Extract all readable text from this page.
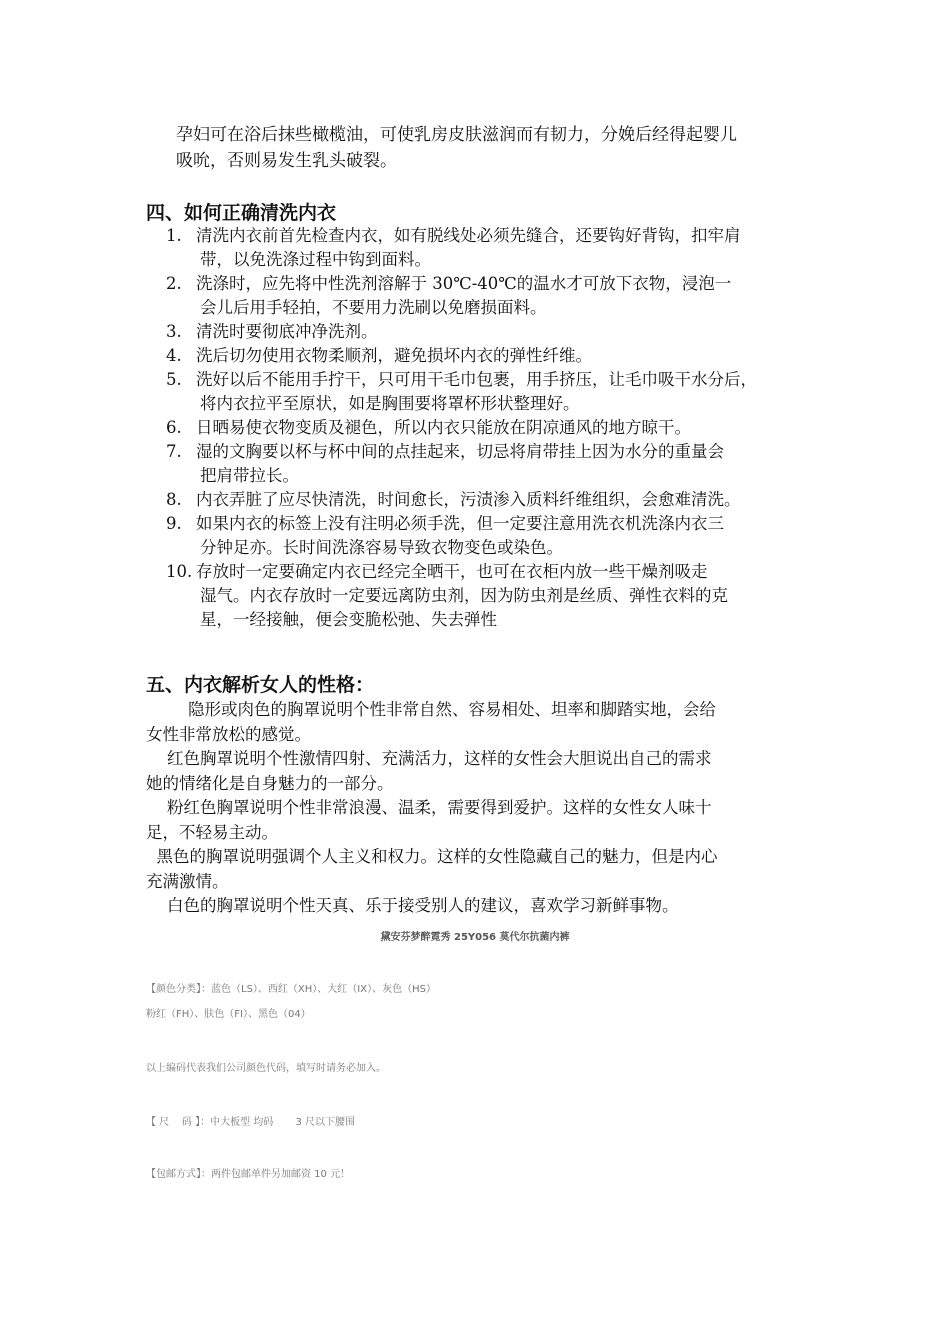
孕妇可在浴后抹些橄榄油，可使乳房皮肤滋润而有韧力，分娩后经得起婴儿

吸吮，否则易发生乳头破裂。

四、如何正确清洗内衣
1. 清洗内衣前首先检查内衣，如有脱线处必须先缝合，还要钩好背钩，扣牢肩
带，以免洗涤过程中钩到面料。
2. 洗涤时，应先将中性洗剂溶解于 30℃-40℃的温水才可放下衣物，浸泡一
会儿后用手轻拍，不要用力洗刷以免磨损面料。
3. 清洗时要彻底冲净洗剂。
4. 洗后切勿使用衣物柔顺剂，避免损坏内衣的弹性纤维。
5. 洗好以后不能用手拧干，只可用干毛巾包裹，用手挤压，让毛巾吸干水分后，
将内衣拉平至原状，如是胸围要将罩杯形状整理好。
6. 日晒易使衣物变质及褪色，所以内衣只能放在阴凉通风的地方晾干。
7. 湿的文胸要以杯与杯中间的点挂起来，切忌将肩带挂上因为水分的重量会
把肩带拉长。
8. 内衣弄脏了应尽快清洗，时间愈长，污渍渗入质料纤维组织，会愈难清洗。
9. 如果内衣的标签上没有注明必须手洗，但一定要注意用洗衣机洗涤内衣三
分钟足亦。长时间洗涤容易导致衣物变色或染色。
10. 存放时一定要确定内衣已经完全晒干，也可在衣柜内放一些干燥剂吸走
湿气。内衣存放时一定要远离防虫剂，因为防虫剂是丝质、弹性衣料的克
星，一经接触，便会变脆松弛、失去弹性
五、内衣解析女人的性格：

隐形或肉色的胸罩说明个性非常自然、容易相处、坦率和脚踏实地，会给
女性非常放松的感觉。

红色胸罩说明个性激情四射、充满活力，这样的女性会大胆说出自己的需求
她的情绪化是自身魅力的一部分。

粉红色胸罩说明个性非常浪漫、温柔，需要得到爱护。这样的女性女人味十
足，不轻易主动。

黑色的胸罩说明强调个人主义和权力。这样的女性隐藏自己的魅力，但是内心
充满激情。

白色的胸罩说明个性天真、乐于接受别人的建议，喜欢学习新鲜事物。

黛安芬梦醉霓秀 25Y056 莫代尔抗菌内裤
【颜色分类】：蓝色（LS）、西红（XH）、大红（IX）、灰色（HS）
粉红（FH）、肤色（FI）、黑色（04）
以上编码代表我们公司颜色代码，填写时请务必加入。
【 尺    码 】：中大板型 均码       3 尺以下腰围
【包邮方式】：两件包邮单件另加邮资 10 元！
